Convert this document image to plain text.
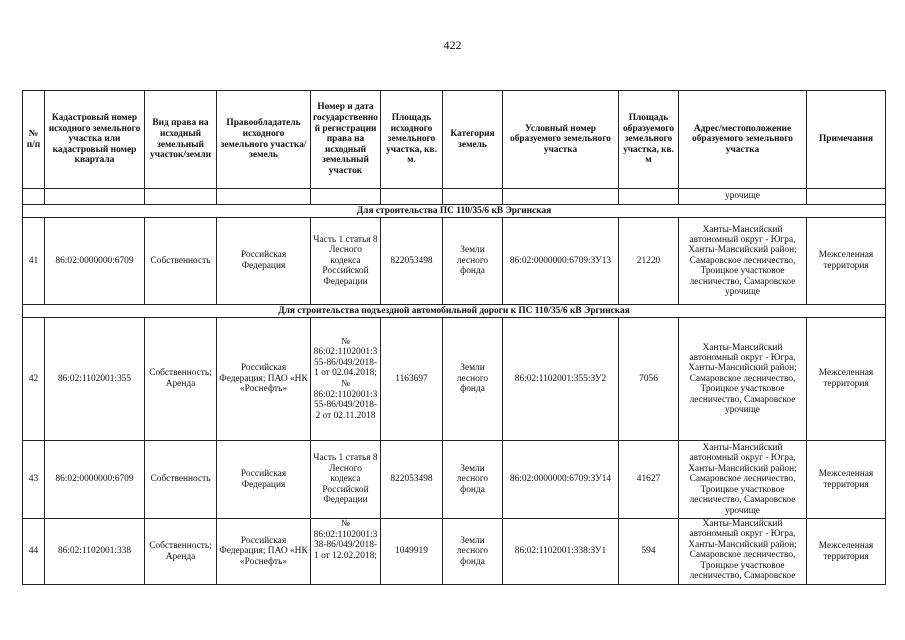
422
№ п/п	Кадастровый номер исходного земельного участка или кадастровый номер квартала	Вид права на исходный земельный участок/земли	Правообладатель исходного земельного участка/земель	Номер и дата государственной регистрации права на исходный земельный участок	Площадь исходного земельного участка, кв. м.	Категория земель	Условный номер образуемого земельного участка	Площадь образуемого земельного участка, кв. м	Адрес/местоположение образуемого земельного участка	Примечания
									урочище	
Для строительства ПС 110/35/6 кВ Эргинская										
41	86:02:0000000:6709	Собственность	Российская Федерация	Часть 1 статья 8 Лесного кодекса Российской Федерации	822053498	Земли лесного фонда	86:02:0000000:6709:ЗУ13	21220	Ханты-Мансийский автономный округ - Югра, Ханты-Мансийский район; Самаровское лесничество, Троицкое участковое лесничество, Самаровское урочище	Межселенная территория
Для строительства подъездной автомобильной дороги к ПС 110/35/6 кВ Эргинская										
42	86:02:1102001:355	Собственность; Аренда	Российская Федерация; ПАО «НК «Роснефть»	№ 86:02:1102001:355-86/049/2018-1 от 02.04.2018; № 86:02:1102001:355-86/049/2018-2 от 02.11.2018	1163697	Земли лесного фонда	86:02:1102001:355:ЗУ2	7056	Ханты-Мансийский автономный округ - Югра, Ханты-Мансийский район; Самаровское лесничество, Троицкое участковое лесничество, Самаровское урочище	Межселенная территория
43	86:02:0000000:6709	Собственность	Российская Федерация	Часть 1 статья 8 Лесного кодекса Российской Федерации	822053498	Земли лесного фонда	86:02:0000000:6709:ЗУ14	41627	Ханты-Мансийский автономный округ - Югра, Ханты-Мансийский район; Самаровское лесничество, Троицкое участковое лесничество, Самаровское урочище	Межселенная территория
44	86:02:1102001:338	Собственность; Аренда	Российская Федерация; ПАО «НК «Роснефть»	№ 86:02:1102001:338-86/049/2018-1 от 12.02.2018;	1049919	Земли лесного фонда	86:02:1102001:338:ЗУ1	594	Ханты-Мансийский автономный округ - Югра, Ханты-Мансийский район; Самаровское лесничество, Троицкое участковое лесничество, Самаровское	Межселенная территория
